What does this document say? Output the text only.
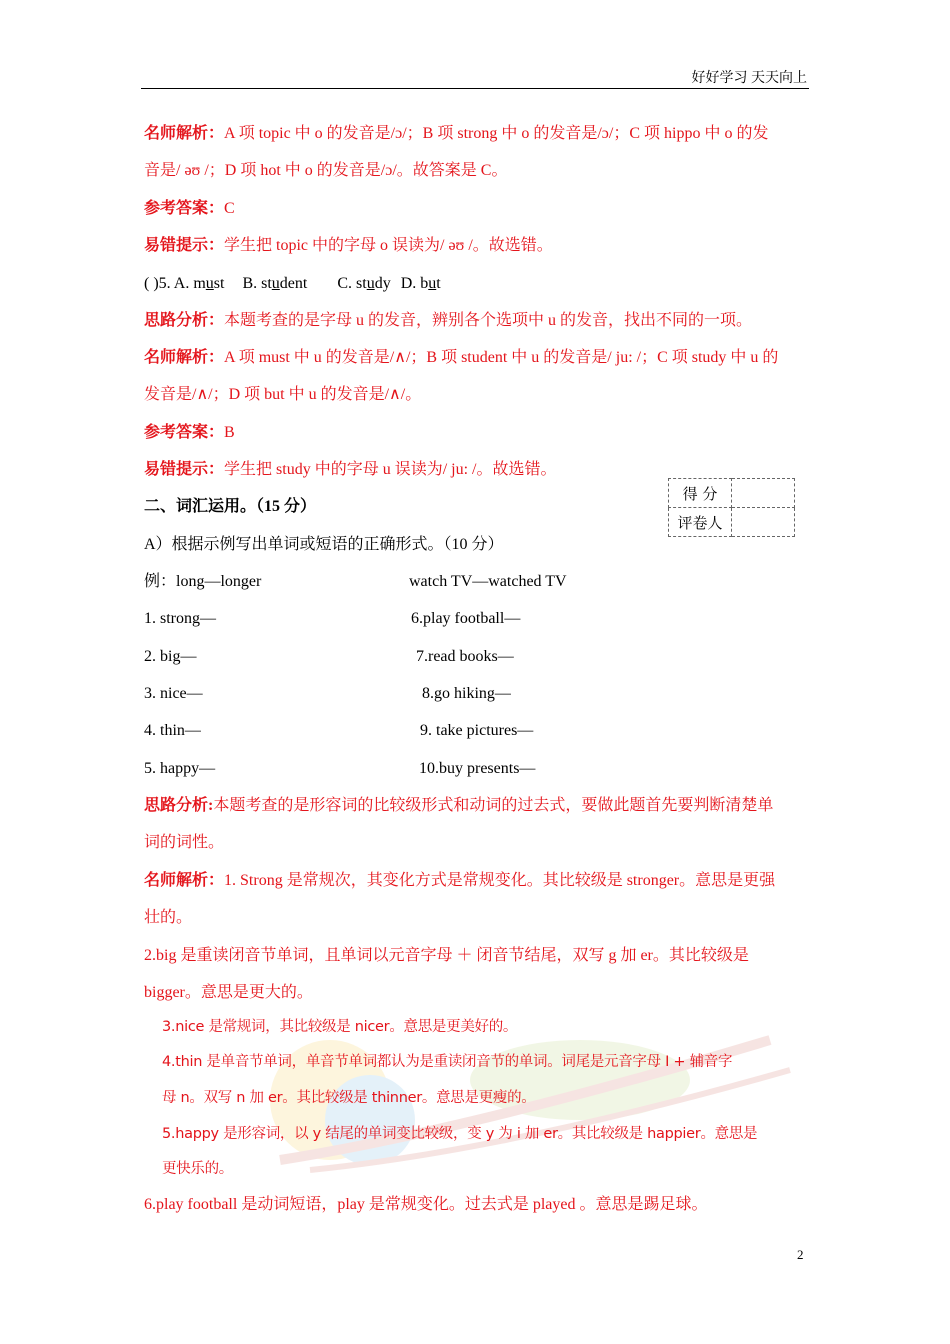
好好学习 天天向上
名师解析：A 项 topic 中 o 的发音是/ɔ/；B 项 strong 中 o 的发音是/ɔ/；C 项 hippo 中 o 的发
音是/ əʊ /；D 项 hot 中 o 的发音是/ɔ/。故答案是 C。
参考答案：C
易错提示：学生把 topic 中的字母 o 误读为/ əʊ /。故选错。
( )5. A. must B. student C. study D. but
思路分析：本题考查的是字母 u 的发音，辨别各个选项中 u 的发音，找出不同的一项。
名师解析：A 项 must 中 u 的发音是/∧/；B 项 student 中 u 的发音是/ ju: /；C 项 study 中 u 的
发音是/∧/；D 项 but 中 u 的发音是/∧/。
参考答案：B
易错提示：学生把 study 中的字母 u 误读为/ ju: /。故选错。
二、词汇运用。（15 分）
得 分	
评卷人	
A）根据示例写出单词或短语的正确形式。（10 分）
例：long—longer	watch TV—watched TV
1. strong—	6.play football—
2. big—	7.read books—
3. nice—	8.go hiking—
4. thin—	9. take pictures—
5. happy—	10.buy presents—
思路分析:本题考查的是形容词的比较级形式和动词的过去式，要做此题首先要判断清楚单
词的词性。
名师解析：1. Strong 是常规次，其变化方式是常规变化。其比较级是 stronger。意思是更强
壮的。
2.big 是重读闭音节单词，且单词以元音字母 ＋ 闭音节结尾，双写 g 加 er。其比较级是
bigger。意思是更大的。
3.nice 是常规词，其比较级是 nicer。意思是更美好的。
4.thin 是单音节单词，单音节单词都认为是重读闭音节的单词。词尾是元音字母 I + 辅音字
母 n。双写 n 加 er。其比较级是 thinner。意思是更瘦的。
5.happy 是形容词，以 y 结尾的单词变比较级，变 y 为 i 加 er。其比较级是 happier。意思是
更快乐的。
6.play football 是动词短语，play 是常规变化。过去式是 played 。意思是踢足球。
2
